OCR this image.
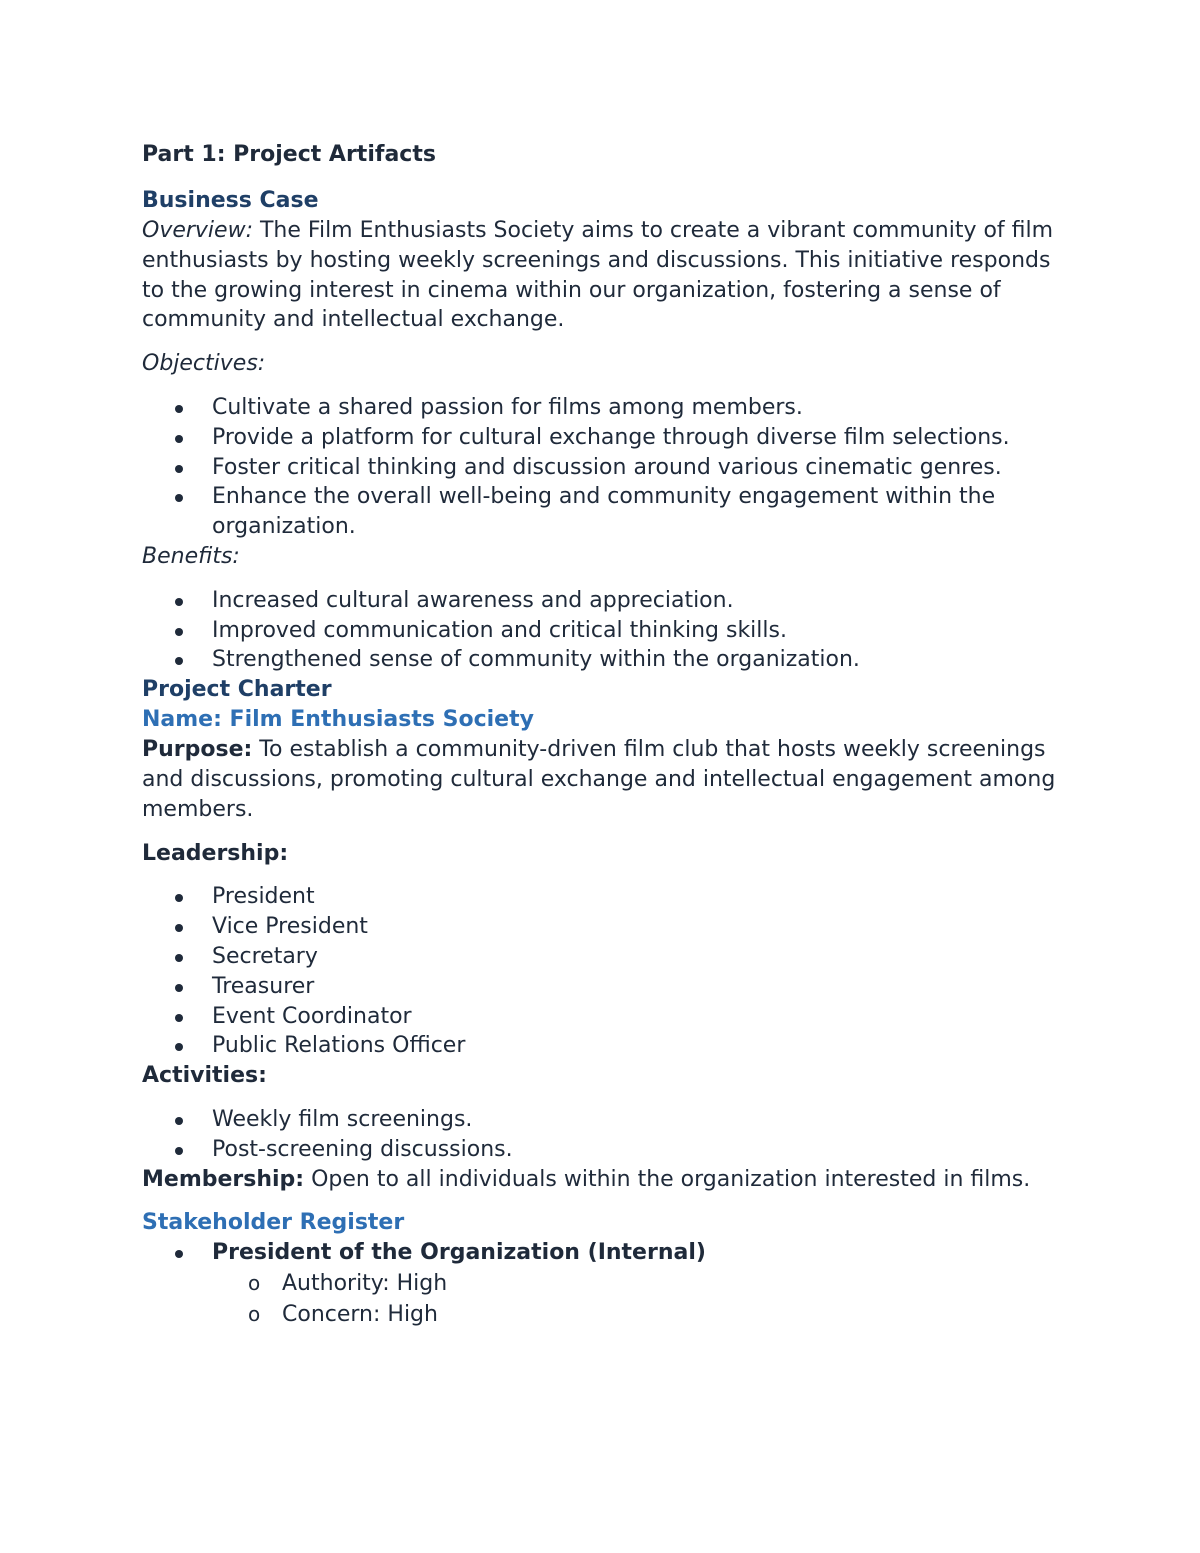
Part 1: Project Artifacts
Business Case

Overview: The Film Enthusiasts Society aims to create a vibrant community of film enthusiasts by hosting weekly screenings and discussions. This initiative responds to the growing interest in cinema within our organization, fostering a sense of community and intellectual exchange.

Objectives:

Cultivate a shared passion for films among members.
Provide a platform for cultural exchange through diverse film selections.
Foster critical thinking and discussion around various cinematic genres.
Enhance the overall well-being and community engagement within the organization.

Benefits:

Increased cultural awareness and appreciation.
Improved communication and critical thinking skills.
Strengthened sense of community within the organization.
Project Charter
Name: Film Enthusiasts Society

Purpose: To establish a community-driven film club that hosts weekly screenings and discussions, promoting cultural exchange and intellectual engagement among members.

Leadership:

President
Vice President
Secretary
Treasurer
Event Coordinator
Public Relations Officer

Activities:

Weekly film screenings.
Post-screening discussions.

Membership: Open to all individuals within the organization interested in films.

Stakeholder Register
President of the Organization (Internal)
o Authority: High
o Concern: High
